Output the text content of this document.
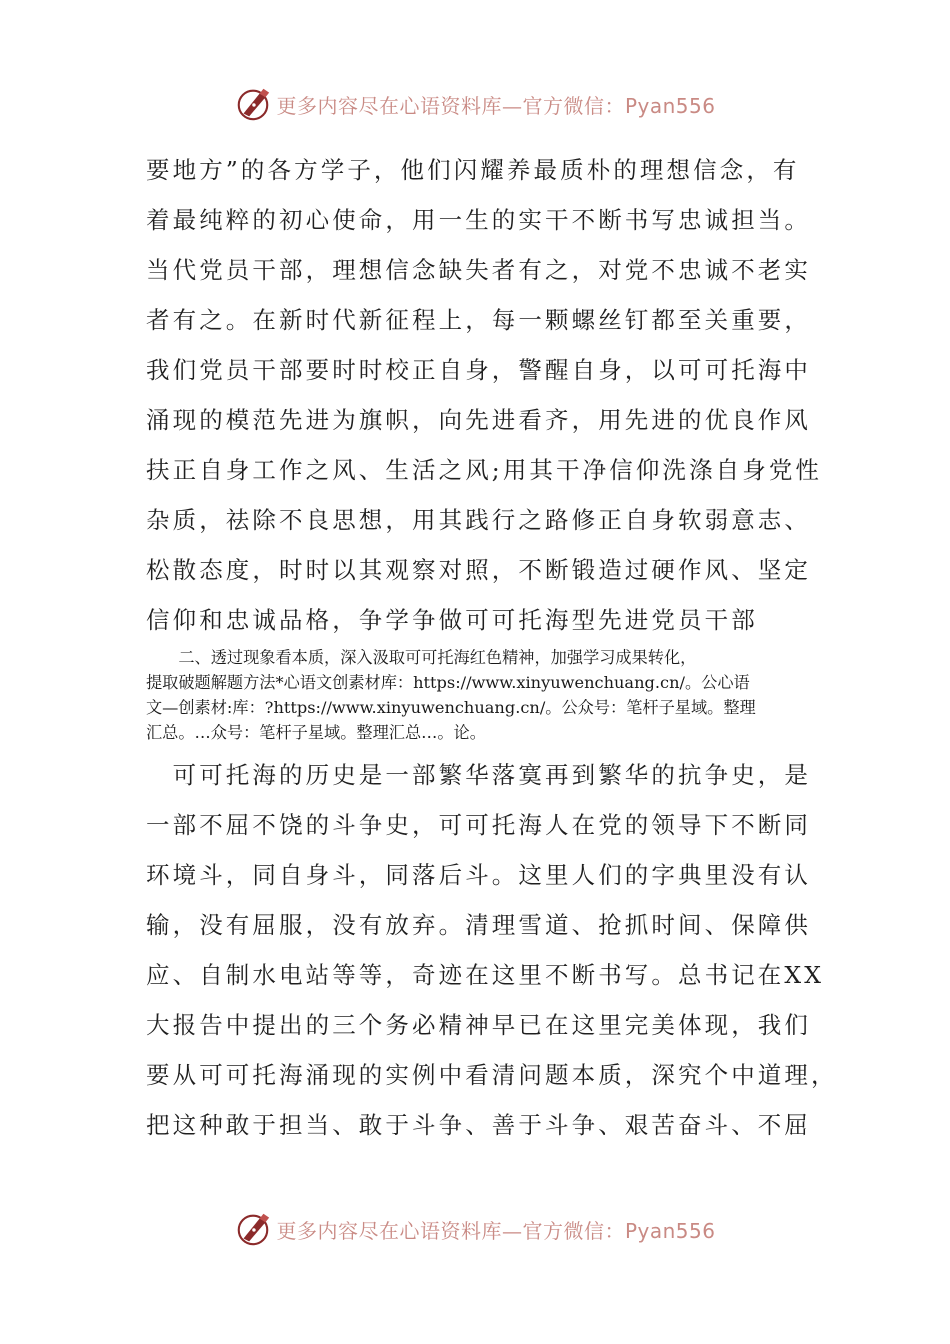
更多内容尽在心语资料库—官方微信：Pyan556
要地方”的各方学子，他们闪耀养最质朴的理想信念，有
着最纯粹的初心使命，用一生的实干不断书写忠诚担当。
当代党员干部，理想信念缺失者有之，对党不忠诚不老实
者有之。在新时代新征程上，每一颗螺丝钉都至关重要，
我们党员干部要时时校正自身，警醒自身，以可可托海中
涌现的模范先进为旗帜，向先进看齐，用先进的优良作风
扶正自身工作之风、生活之风;用其干净信仰洗涤自身党性
杂质，祛除不良思想，用其践行之路修正自身软弱意志、
松散态度，时时以其观察对照，不断锻造过硬作风、坚定
信仰和忠诚品格，争学争做可可托海型先进党员干部
　　二、透过现象看本质，深入汲取可可托海红色精神，加强学习成果转化，
提取破题解题方法*心语文创素材库：https://www.xinyuwenchuang.cn/。公心语
文—创素材:库：?https://www.xinyuwenchuang.cn/。公众号：笔杆子星域。整理
汇总。…众号：笔杆子星域。整理汇总…。论。
　可可托海的历史是一部繁华落寞再到繁华的抗争史，是
一部不屈不饶的斗争史，可可托海人在党的领导下不断同
环境斗，同自身斗，同落后斗。这里人们的字典里没有认
输，没有屈服，没有放弃。清理雪道、抢抓时间、保障供
应、自制水电站等等，奇迹在这里不断书写。总书记在XX
大报告中提出的三个务必精神早已在这里完美体现，我们
要从可可托海涌现的实例中看清问题本质，深究个中道理，
把这种敢于担当、敢于斗争、善于斗争、艰苦奋斗、不屈
更多内容尽在心语资料库—官方微信：Pyan556
